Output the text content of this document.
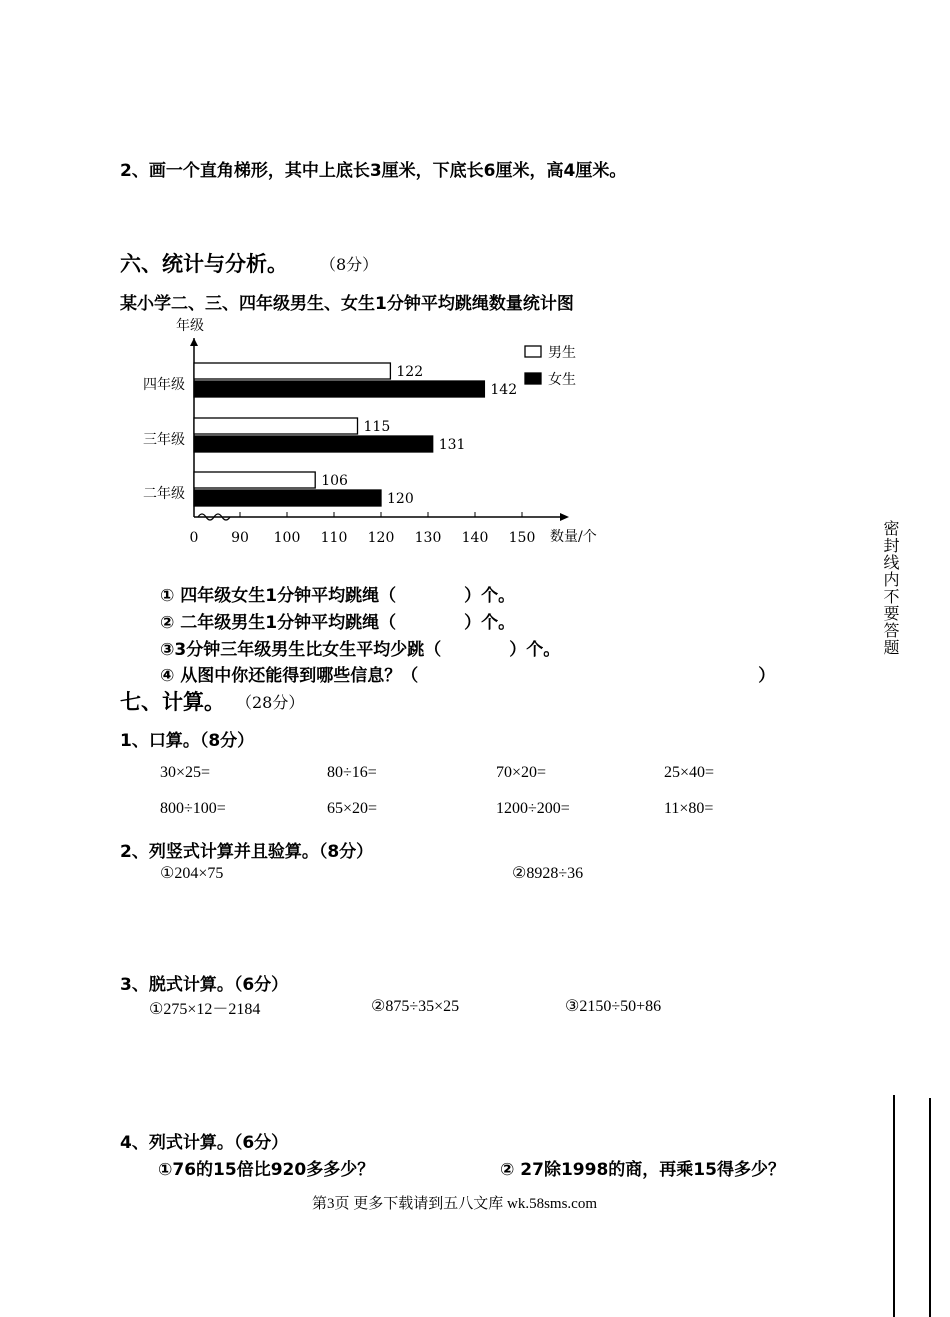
2、画一个直角梯形，其中上底长3厘米，下底长6厘米，高4厘米。
六、统计与分析。 （8分）
某小学二、三、四年级男生、女生1分钟平均跳绳数量统计图
0 90 100 110 120 130 140 150
年级
数量/个
四年级
122
142
三年级
115
131
二年级
106
120
男生
女生
① 四年级女生1分钟平均跳绳（　　　　）个。
② 二年级男生1分钟平均跳绳（　　　　）个。
③3分钟三年级男生比女生平均少跳（　　　　）个。
④ 从图中你还能得到哪些信息？（　　　　　　　　　　　　　　　　　　　　）
七、计算。 （28分）
1、口算。（8分）
30×25=	80÷16=	70×20=	25×40=
800÷100=	65×20=	1200÷200=	11×80=
2、列竖式计算并且验算。（8分）
①204×75	②8928÷36
3、脱式计算。（6分）
①275×12－2184	②875÷35×25	③2150÷50+86
4、列式计算。（6分）
①76的15倍比920多多少？	② 27除1998的商，再乘15得多少？
第3页 更多下载请到五八文库 wk.58sms.com
密封线内不要答题
